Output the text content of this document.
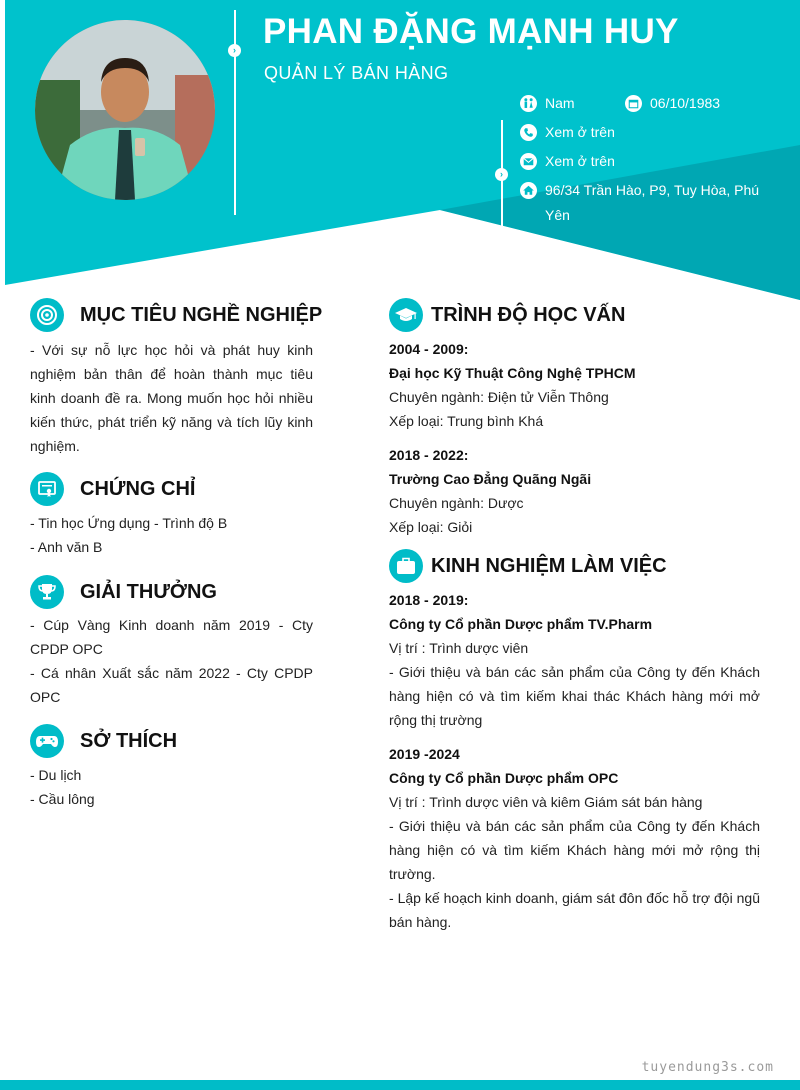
› PHAN ĐẶNG MẠNH HUY
QUẢN LÝ BÁN HÀNG
›
Nam	06/10/1983
Xem ở trên
Xem ở trên
96/34 Trần Hào, P9, Tuy Hòa, Phú Yên
MỤC TIÊU NGHỀ NGHIỆP
- Với sự nỗ lực học hỏi và phát huy kinh nghiệm bản thân để hoàn thành mục tiêu kinh doanh đề ra. Mong muốn học hỏi nhiều kiến thức, phát triển kỹ năng và tích lũy kinh nghiệm.
CHỨNG CHỈ
- Tin học Ứng dụng - Trình độ B
- Anh văn B
GIẢI THƯỞNG
- Cúp Vàng Kinh doanh năm 2019 - Cty CPDP OPC
- Cá nhân Xuất sắc năm 2022 - Cty CPDP OPC
SỞ THÍCH
- Du lịch
- Cầu lông
TRÌNH ĐỘ HỌC VẤN
2004 - 2009:
Đại học Kỹ Thuật Công Nghệ TPHCM
Chuyên ngành: Điện tử Viễn Thông
Xếp loại: Trung bình Khá
2018 - 2022:
Trường Cao Đẳng Quãng Ngãi
Chuyên ngành: Dược
Xếp loại: Giỏi
KINH NGHIỆM LÀM VIỆC
2018 - 2019:
Công ty Cổ phần Dược phẩm TV.Pharm
Vị trí : Trình dược viên
- Giới thiệu và bán các sản phẩm của Công ty đến Khách hàng hiện có và tìm kiếm khai thác Khách hàng mới mở rộng thị trường
2019 -2024
Công ty Cổ phần Dược phẩm OPC
Vị trí : Trình dược viên và kiêm Giám sát bán hàng
- Giới thiệu và bán các sản phẩm của Công ty đến Khách hàng hiện có và tìm kiếm Khách hàng mới mở rộng thị trường.
- Lập kế hoạch kinh doanh, giám sát đôn đốc hỗ trợ đội ngũ bán hàng.
tuyendung3s.com
